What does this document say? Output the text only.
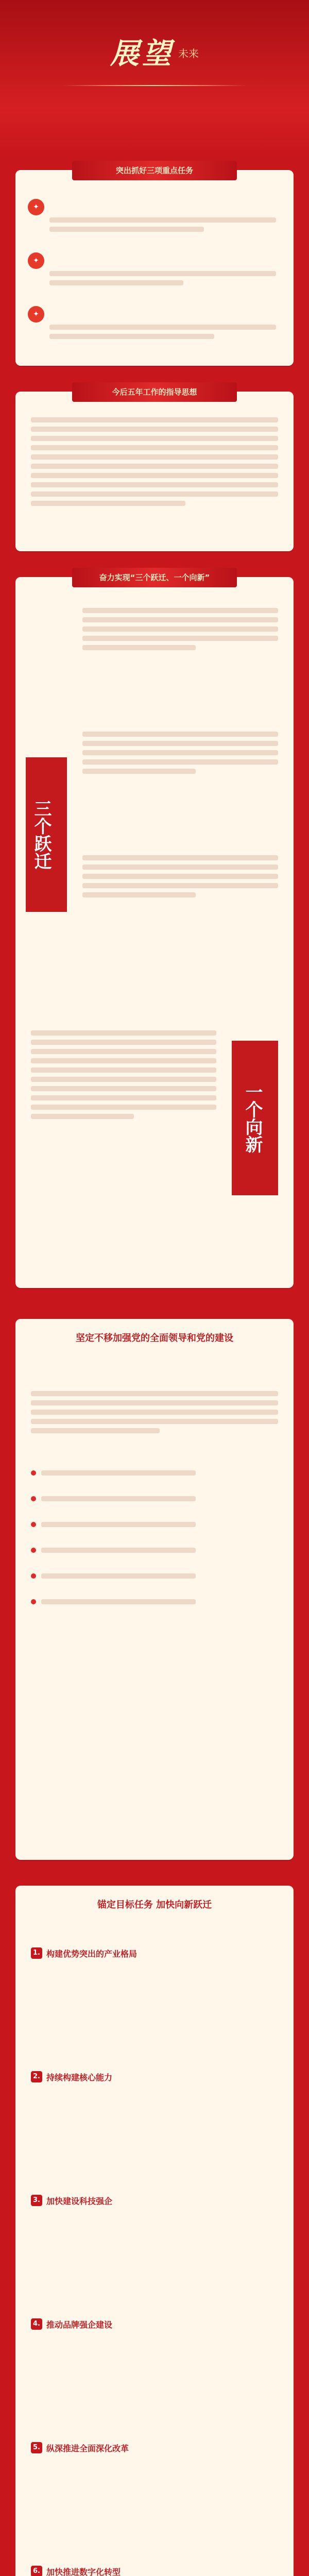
展望 未来
突出抓好三项重点任务
✦
✦
✦
今后五年工作的指导思想
奋力实现“三个跃迁、一个向新”
三个跃迁
一个向新
坚定不移加强党的全面领导和党的建设
锚定目标任务 加快向新跃迁
1. 构建优势突出的产业格局
2. 持续构建核心能力
3. 加快建设科技强企
4. 推动品牌强企建设
5. 纵深推进全面深化改革
6. 加快推进数字化转型
